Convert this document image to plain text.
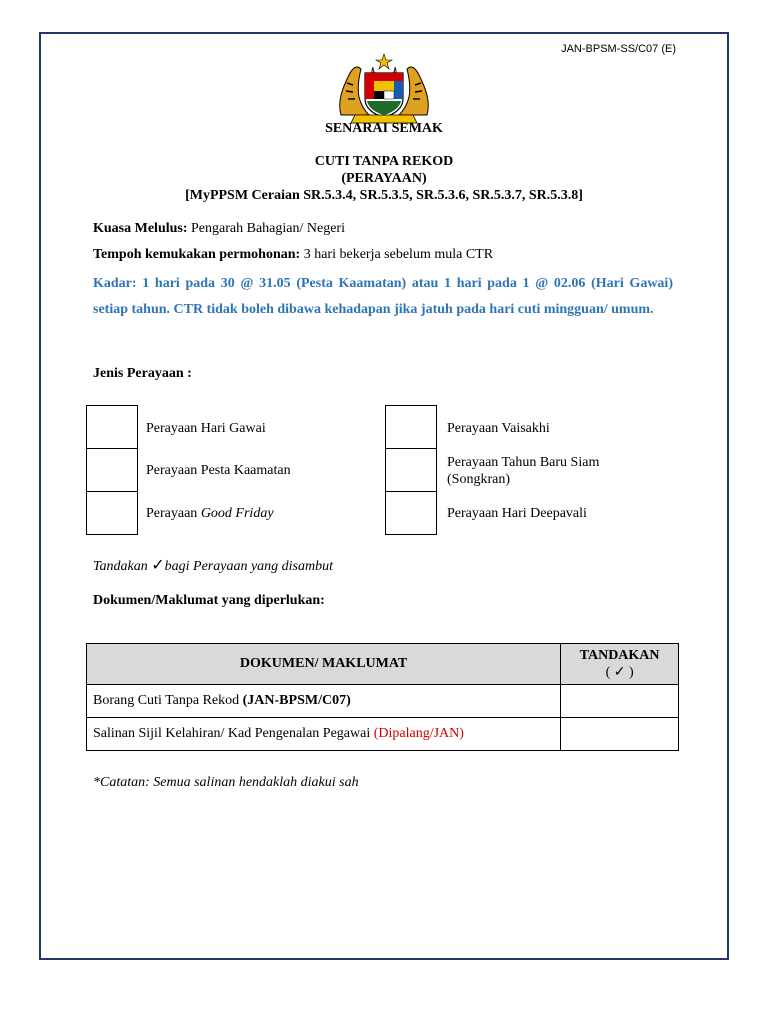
JAN-BPSM-SS/C07 (E)
SENARAI SEMAK
CUTI TANPA REKOD
(PERAYAAN)
[MyPPSM Ceraian SR.5.3.4, SR.5.3.5, SR.5.3.6, SR.5.3.7, SR.5.3.8]
Kuasa Melulus: Pengarah Bahagian/ Negeri
Tempoh kemukakan permohonan: 3 hari bekerja sebelum mula CTR
Kadar: 1 hari pada 30 @ 31.05 (Pesta Kaamatan) atau 1 hari pada 1 @ 02.06 (Hari Gawai) setiap tahun. CTR tidak boleh dibawa kehadapan jika jatuh pada hari cuti mingguan/ umum.
Jenis Perayaan :
Perayaan Hari Gawai
Perayaan Pesta Kaamatan
Perayaan Good Friday
Perayaan Vaisakhi
Perayaan Tahun Baru Siam
(Songkran)
Perayaan Hari Deepavali
Tandakan ✓bagi Perayaan yang disambut
Dokumen/Maklumat yang diperlukan:
DOKUMEN/ MAKLUMAT	TANDAKAN
( ✓ )

Borang Cuti Tanpa Rekod (JAN-BPSM/C07)	
Salinan Sijil Kelahiran/ Kad Pengenalan Pegawai (Dipalang/JAN)	
*Catatan: Semua salinan hendaklah diakui sah
